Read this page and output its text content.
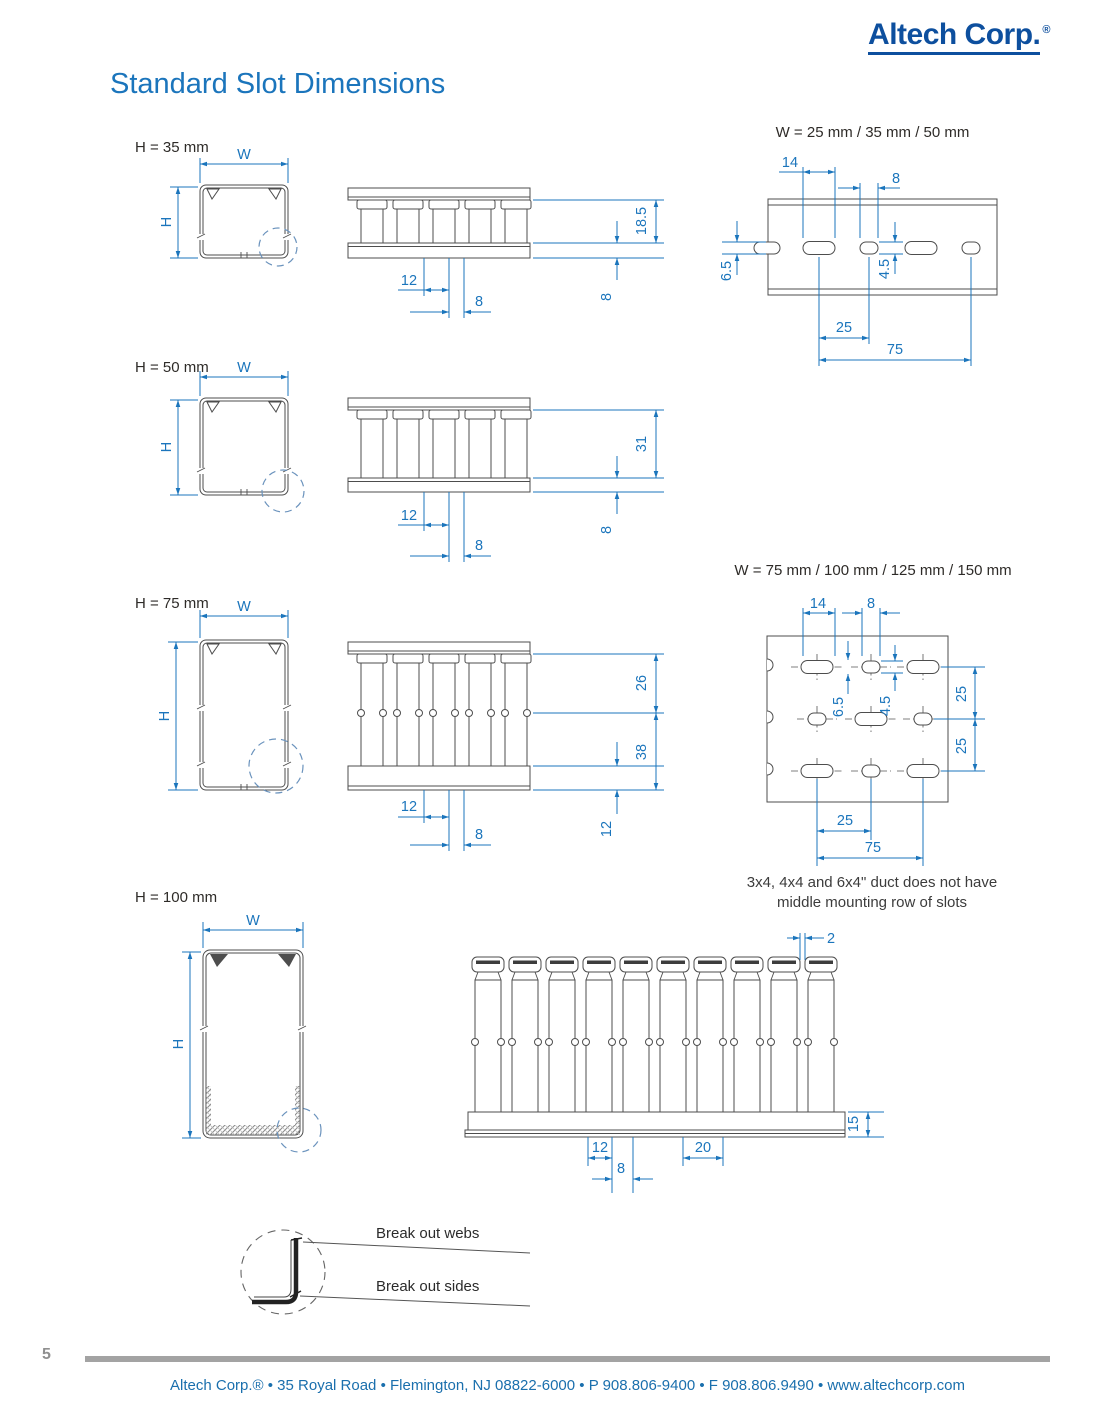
W
H	18.5
8
12
8
14
8
6.5	4.5
25
75
W
H	31
8
12
8
W
H
26
38
12
12
8
14	8
6.5 4.5
25
25
25
75
W
H
2
15
12
8
20
Altech Corp. ®
Standard Slot Dimensions
H = 35 mm
H = 50 mm
H = 75 mm
H = 100 mm
W = 25 mm / 35 mm / 50 mm
W = 75 mm / 100 mm / 125 mm / 150 mm
3x4, 4x4 and 6x4" duct does not have
middle mounting row of slots
Break out webs
Break out sides
5
Altech Corp.® • 35 Royal Road • Flemington, NJ 08822-6000 • P 908.806-9400 • F 908.806.9490 • www.altechcorp.com
